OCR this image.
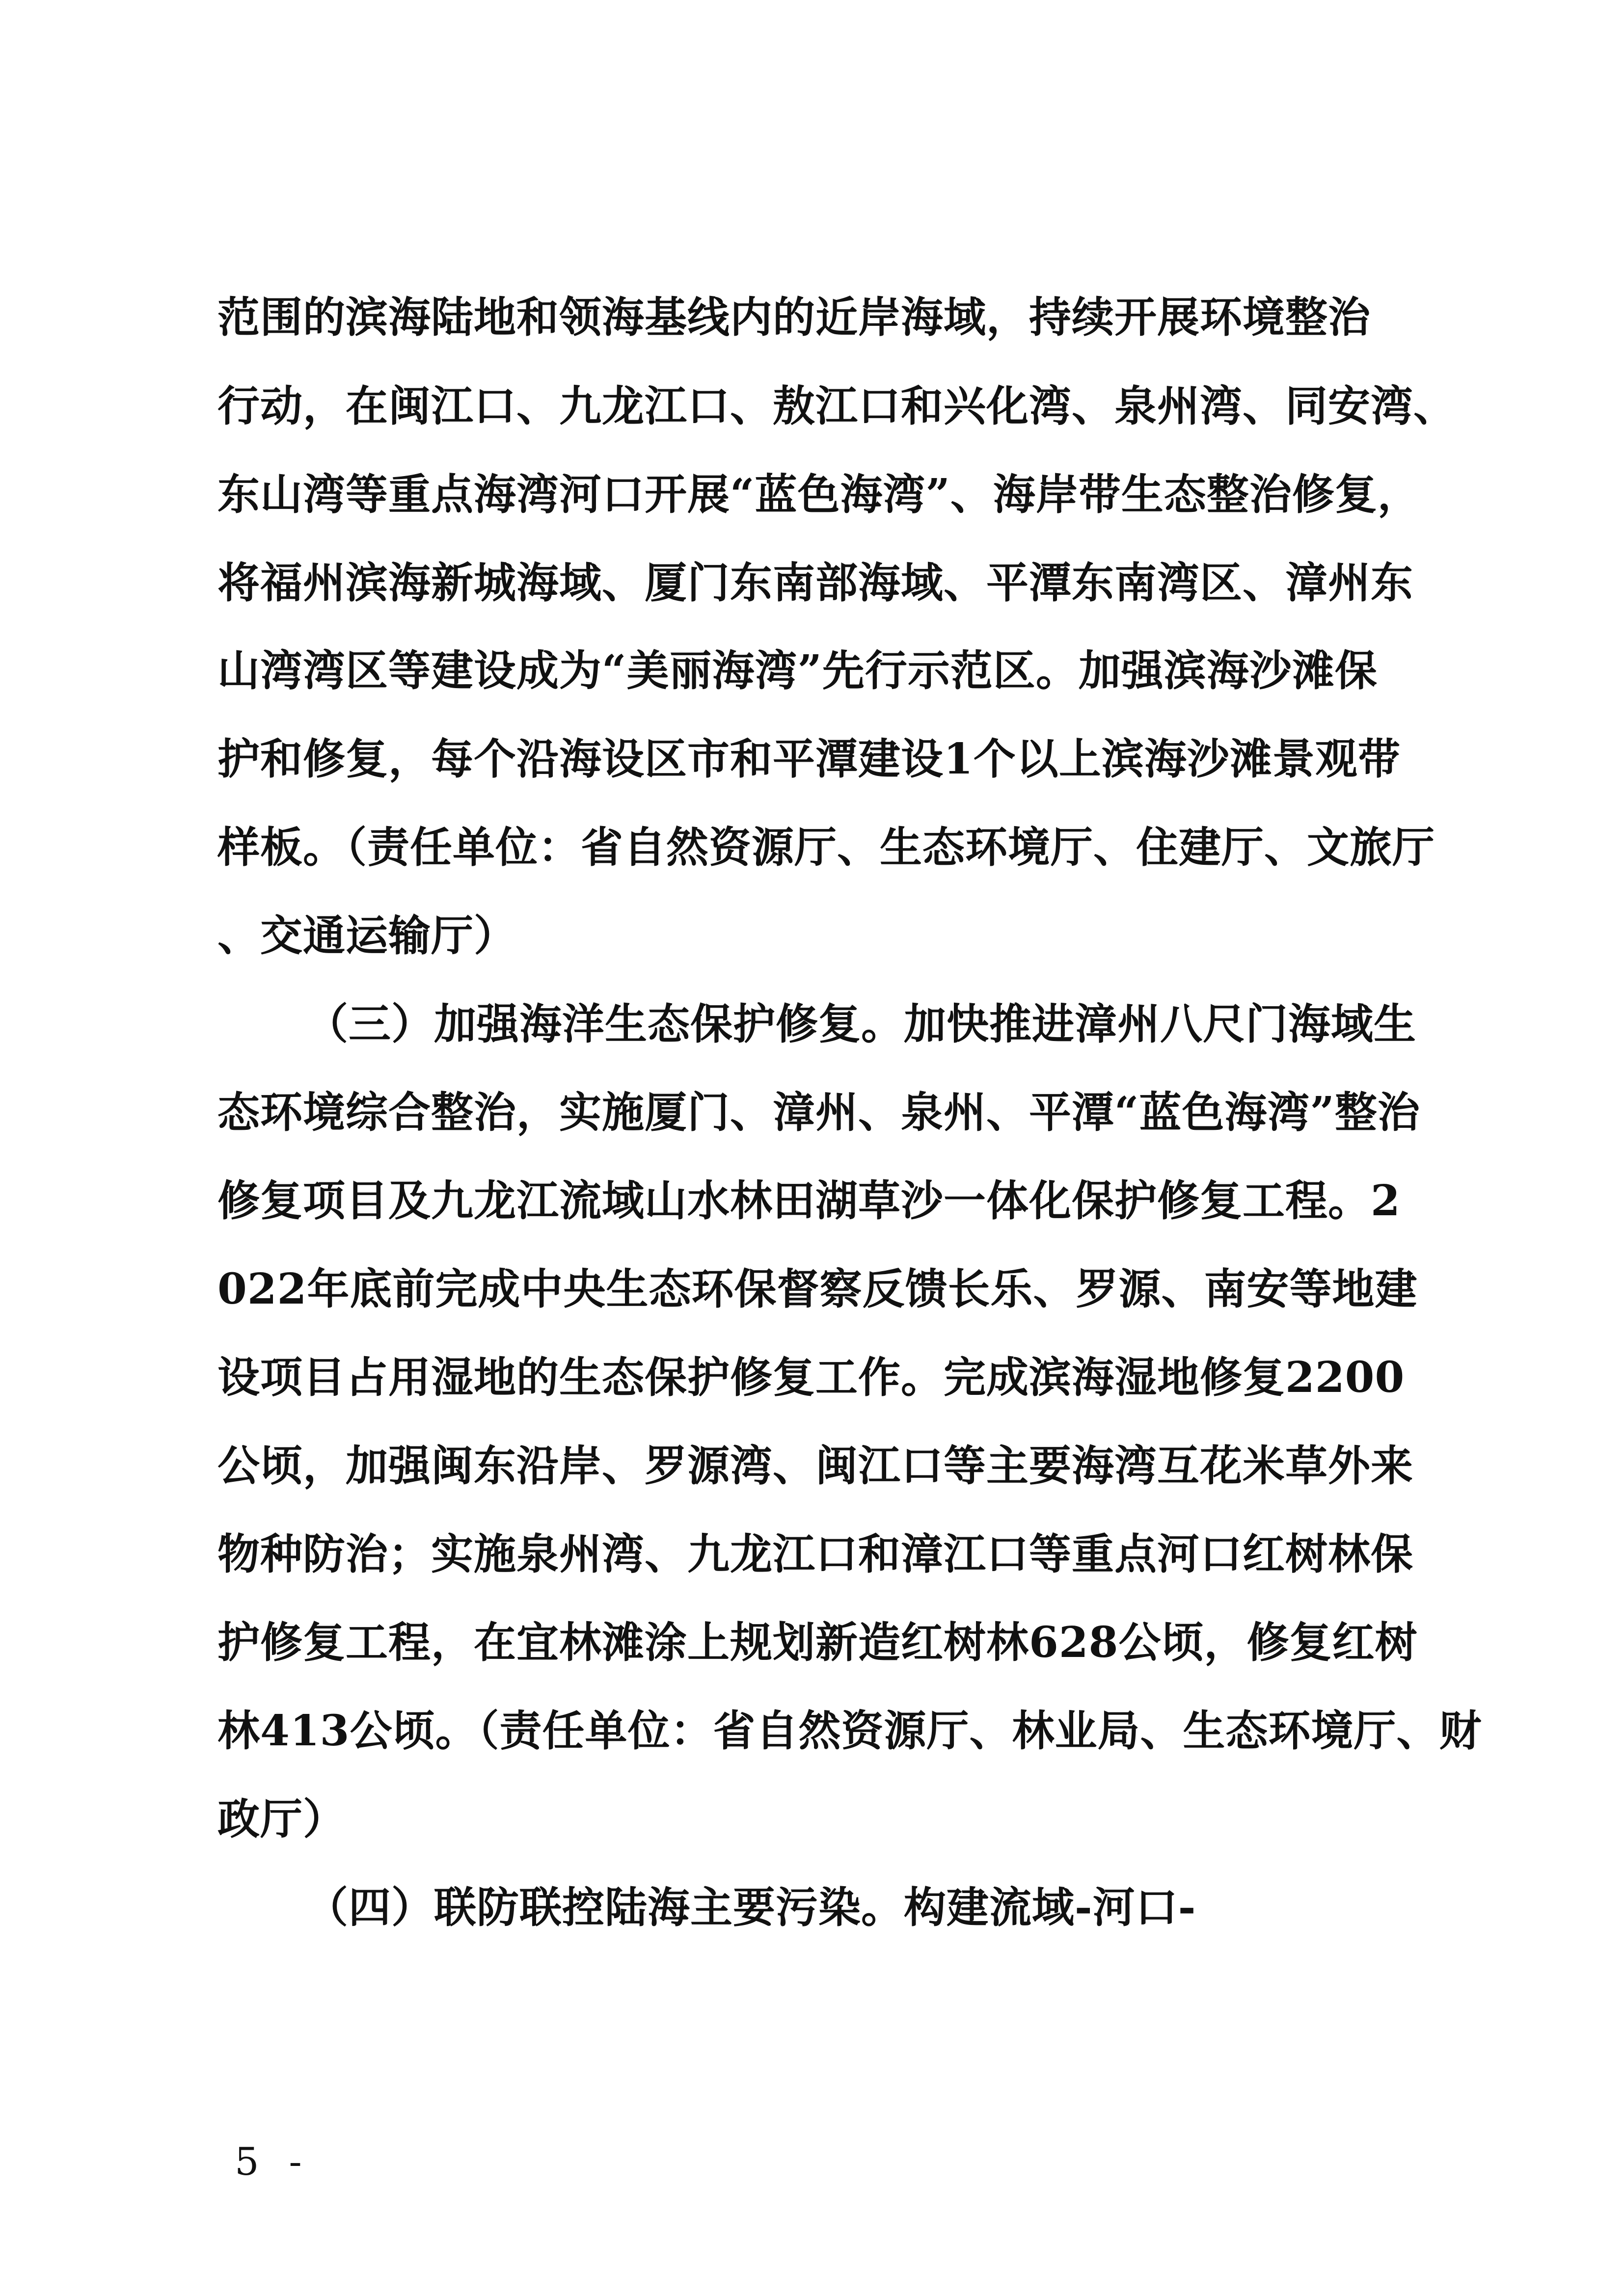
范围的滨海陆地和领海基线内的近岸海域，持续开展环境整治
行动，在闽江口、九龙江口、敖江口和兴化湾、泉州湾、同安湾、
东山湾等重点海湾河口开展“蓝色海湾”、海岸带生态整治修复，
将福州滨海新城海域、厦门东南部海域、平潭东南湾区、漳州东
山湾湾区等建设成为“美丽海湾”先行示范区。加强滨海沙滩保
护和修复，每个沿海设区市和平潭建设1个以上滨海沙滩景观带
样板。（责任单位：省自然资源厅、生态环境厅、住建厅、文旅厅
、交通运输厅）
（三）加强海洋生态保护修复。加快推进漳州八尺门海域生
态环境综合整治，实施厦门、漳州、泉州、平潭“蓝色海湾”整治
修复项目及九龙江流域山水林田湖草沙一体化保护修复工程。2
022年底前完成中央生态环保督察反馈长乐、罗源、南安等地建
设项目占用湿地的生态保护修复工作。完成滨海湿地修复2200
公顷，加强闽东沿岸、罗源湾、闽江口等主要海湾互花米草外来
物种防治；实施泉州湾、九龙江口和漳江口等重点河口红树林保
护修复工程，在宜林滩涂上规划新造红树林628公顷，修复红树
林413公顷。（责任单位：省自然资源厅、林业局、生态环境厅、财
政厅）
（四）联防联控陆海主要污染。构建流域-河口-
5 -
